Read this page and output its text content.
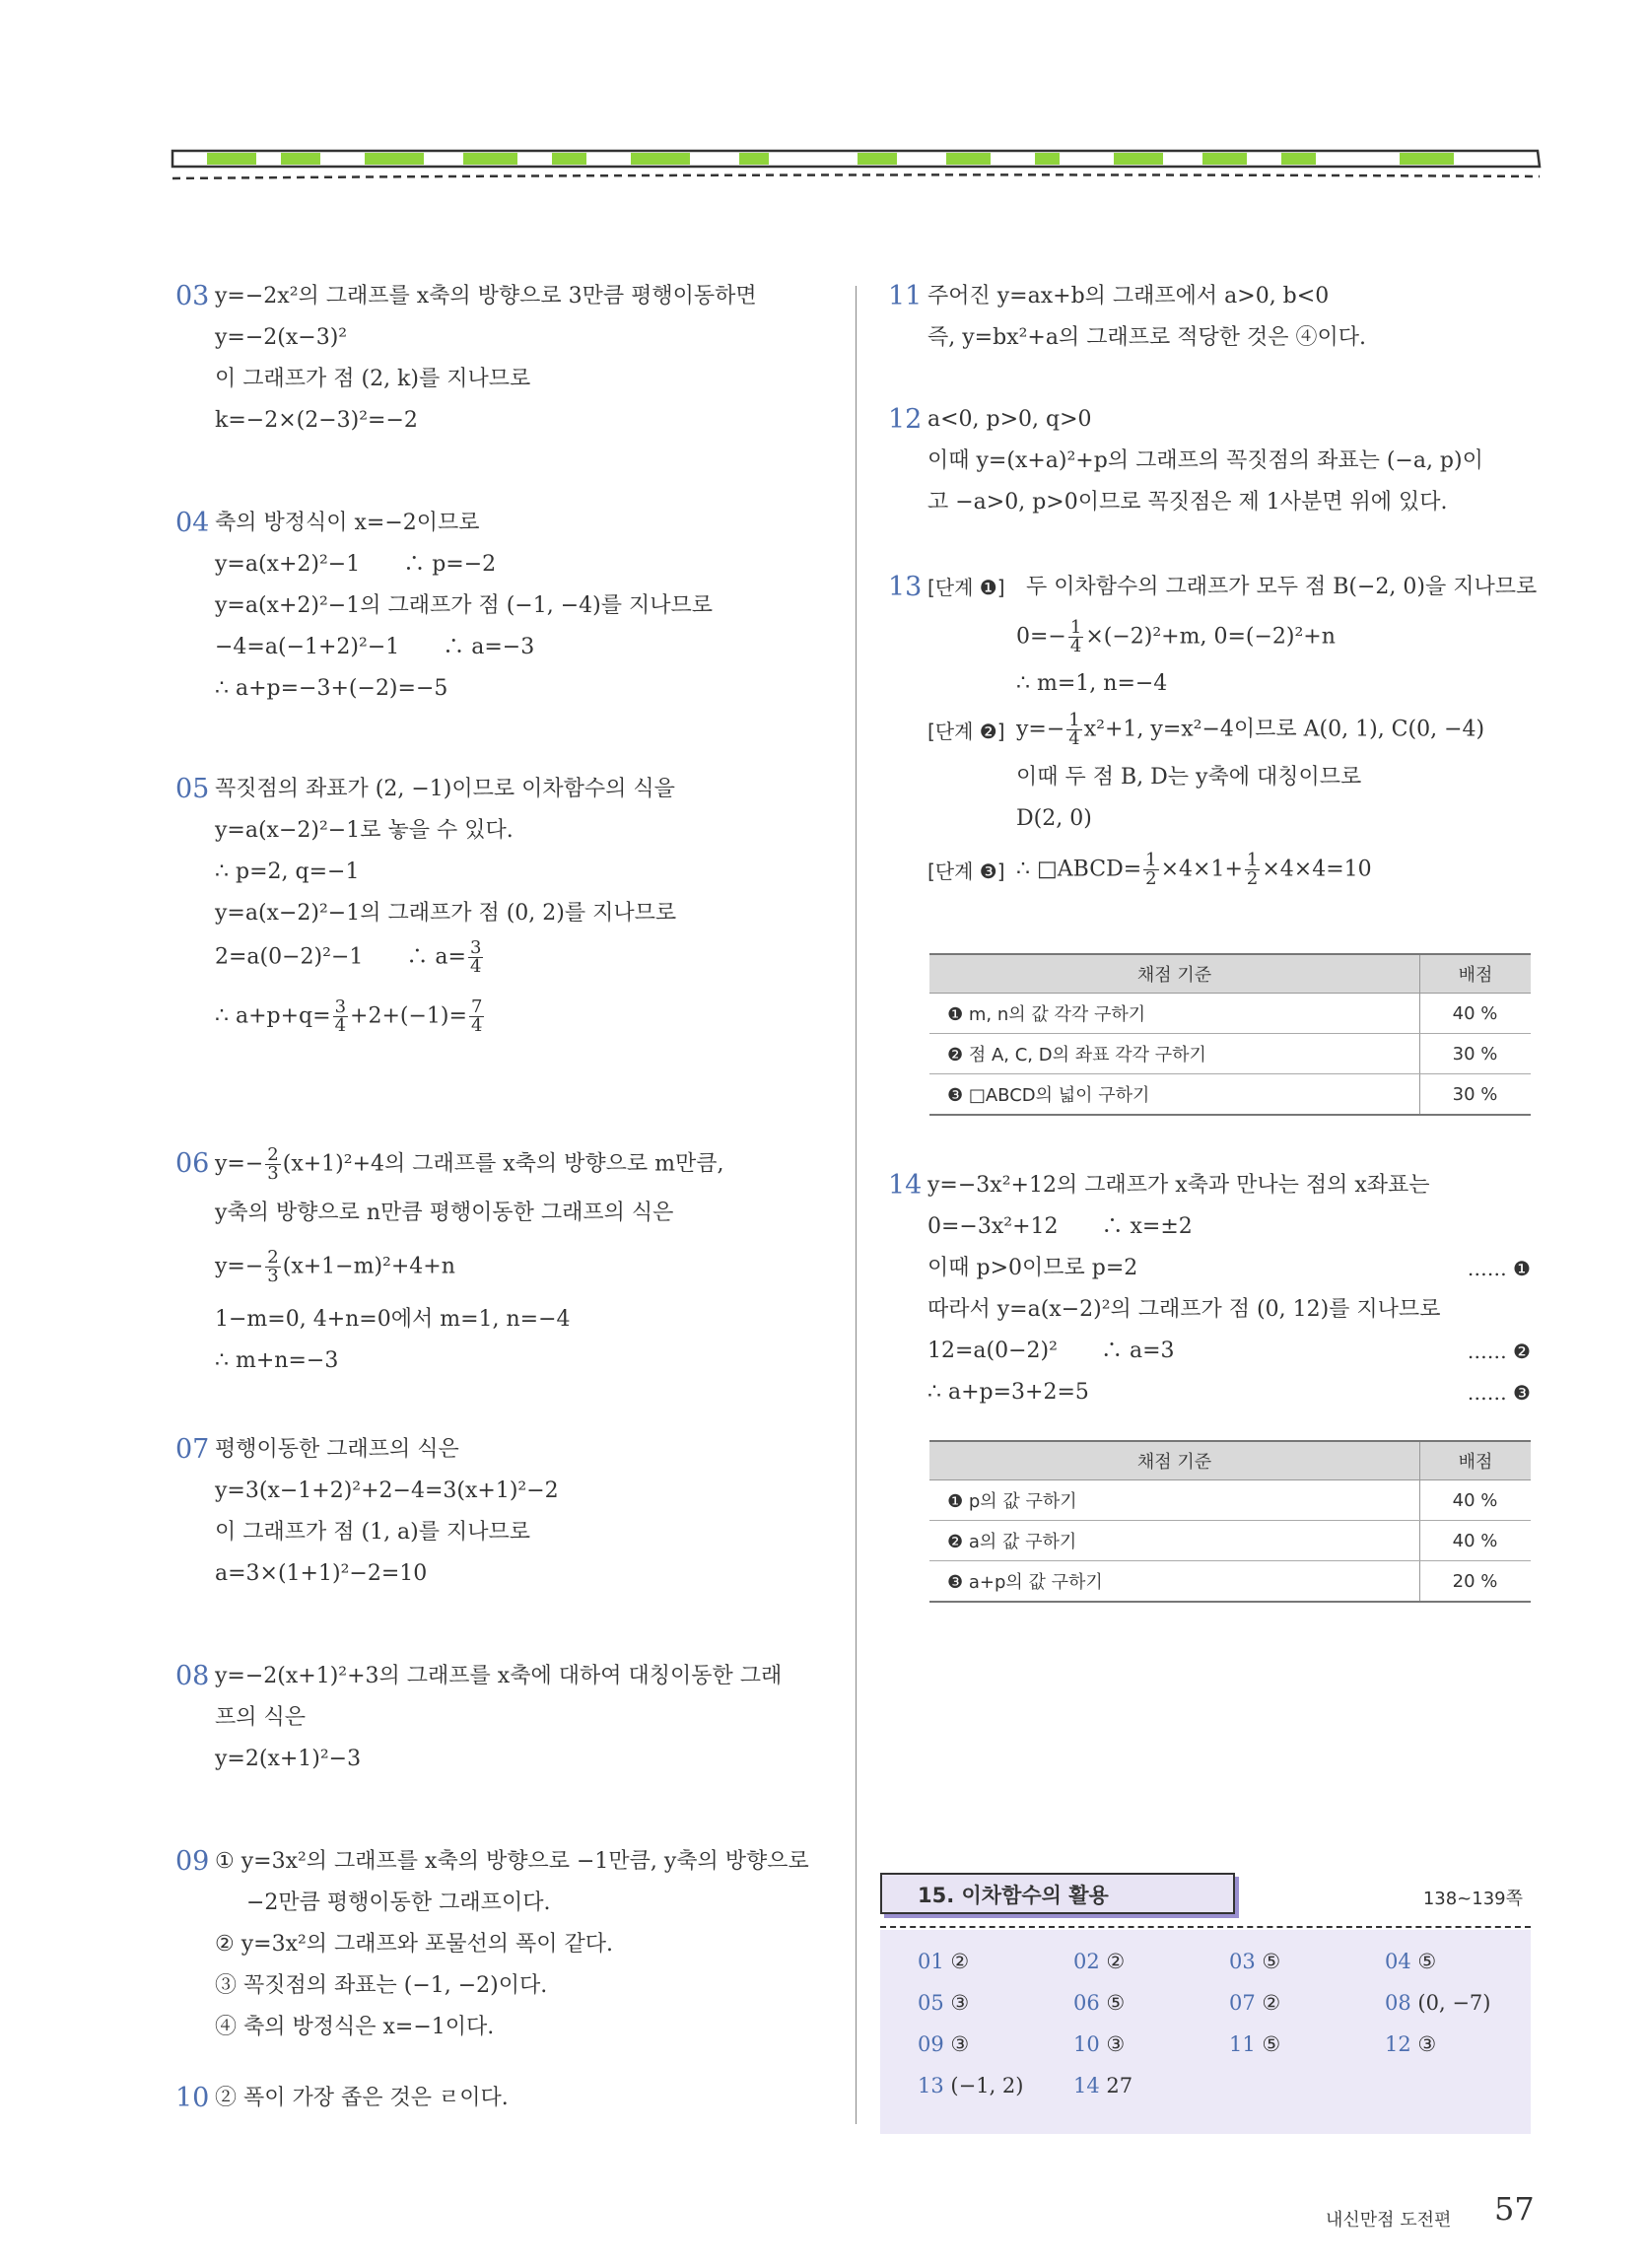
03 y=−2x²의 그래프를 x축의 방향으로 3만큼 평행이동하면
y=−2(x−3)²
이 그래프가 점 (2, k)를 지나므로
k=−2×(2−3)²=−2
04 축의 방정식이 x=−2이므로
y=a(x+2)²−1　　∴ p=−2
y=a(x+2)²−1의 그래프가 점 (−1, −4)를 지나므로
−4=a(−1+2)²−1　　∴ a=−3
∴ a+p=−3+(−2)=−5
05 꼭짓점의 좌표가 (2, −1)이므로 이차함수의 식을
y=a(x−2)²−1로 놓을 수 있다.
∴ p=2, q=−1
y=a(x−2)²−1의 그래프가 점 (0, 2)를 지나므로
2=a(0−2)²−1　　∴ $a= \frac{3}{4}$
∴ $a+p+q= \frac{3}{4} +2+(-1)= \frac{7}{4}$
06 $y=- \frac{2}{3} (x+1)^2+4$의 그래프를 x축의 방향으로 m만큼,
y축의 방향으로 n만큼 평행이동한 그래프의 식은
$y=- \frac{2}{3} (x+1-m)^2+4+n$
1−m=0, 4+n=0에서 m=1, n=−4
∴ m+n=−3
07 평행이동한 그래프의 식은
y=3(x−1+2)²+2−4=3(x+1)²−2
이 그래프가 점 (1, a)를 지나므로
a=3×(1+1)²−2=10
08 y=−2(x+1)²+3의 그래프를 x축에 대하여 대칭이동한 그래
프의 식은
y=2(x+1)²−3
09 ① y=3x²의 그래프를 x축의 방향으로 −1만큼, y축의 방향으로
−2만큼 평행이동한 그래프이다.
② y=3x²의 그래프와 포물선의 폭이 같다.
③ 꼭짓점의 좌표는 (−1, −2)이다.
④ 축의 방정식은 x=−1이다.
10 ② 폭이 가장 좁은 것은 ㄹ이다.
11 주어진 y=ax+b의 그래프에서 a>0, b<0
즉, y=bx²+a의 그래프로 적당한 것은 ④이다.
12 a<0, p>0, q>0
이때 y=(x+a)²+p의 그래프의 꼭짓점의 좌표는 (−a, p)이
고 −a>0, p>0이므로 꼭짓점은 제 1사분면 위에 있다.
13 [단계 ❶] 두 이차함수의 그래프가 모두 점 B(−2, 0)을 지나므로
$0=- \frac{1}{4} \times(-2)^2+m$, 0=(−2)²+n
∴ m=1, n=−4
[단계 ❷] $y=- \frac{1}{4} x^2+1$, y=x²−4이므로 A(0, 1), C(0, −4)
이때 두 점 B, D는 y축에 대칭이므로
D(2, 0)
[단계 ❸] ∴ □ABCD= $\frac{1}{2} \times 4\times 1+ \frac{1}{2} \times 4\times 4=10$
채점 기준	배점
❶ m, n의 값 각각 구하기	40 %
❷ 점 A, C, D의 좌표 각각 구하기	30 %
❸ □ABCD의 넓이 구하기	30 %
14 y=−3x²+12의 그래프가 x축과 만나는 점의 x좌표는
0=−3x²+12　　∴ x=±2
이때 p>0이므로 p=2	…… ❶
따라서 y=a(x−2)²의 그래프가 점 (0, 12)를 지나므로
12=a(0−2)²　　∴ a=3	…… ❷
∴ a+p=3+2=5	…… ❸
채점 기준	배점
❶ p의 값 구하기	40 %
❷ a의 값 구하기	40 %
❸ a+p의 값 구하기	20 %
15. 이차함수의 활용	138~139쪽
01 ②	02 ②	03 ⑤	04 ⑤
05 ③	06 ⑤	07 ②	08 (0, −7)
09 ③	10 ③	11 ⑤	12 ③
13 (−1, 2) 14 27
내신만점 도전편 57
